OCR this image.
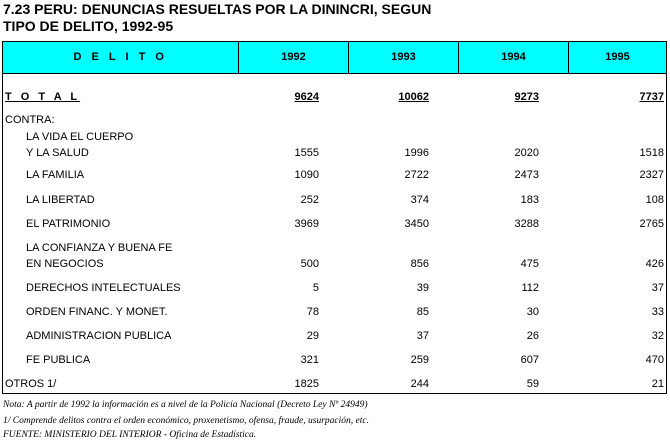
7.23 PERU: DENUNCIAS RESUELTAS POR LA DININCRI, SEGUN
TIPO DE DELITO, 1992-95
D E L I T O	1992	1993	1994	1995
T O T A L	9624	10062	9273	7737
CONTRA:
LA VIDA EL CUERPO
Y LA SALUD	1555	1996	2020	1518
LA FAMILIA	1090	2722	2473	2327
LA LIBERTAD	252	374	183	108
EL PATRIMONIO	3969	3450	3288	2765
LA CONFIANZA Y BUENA FE
EN NEGOCIOS	500	856	475	426
DERECHOS INTELECTUALES	5	39	112	37
ORDEN FINANC. Y MONET.	78	85	30	33
ADMINISTRACION PUBLICA	29	37	26	32
FE PUBLICA	321	259	607	470
OTROS 1/	1825	244	59	21
Nota: A partir de 1992 la información es a nivel de la Policía Nacional (Decreto Ley Nº 24949)
1/ Comprende delitos contra el orden económico, proxenetismo, ofensa, fraude, usurpación, etc.
FUENTE: MINISTERIO DEL INTERIOR - Oficina de Estadística.
